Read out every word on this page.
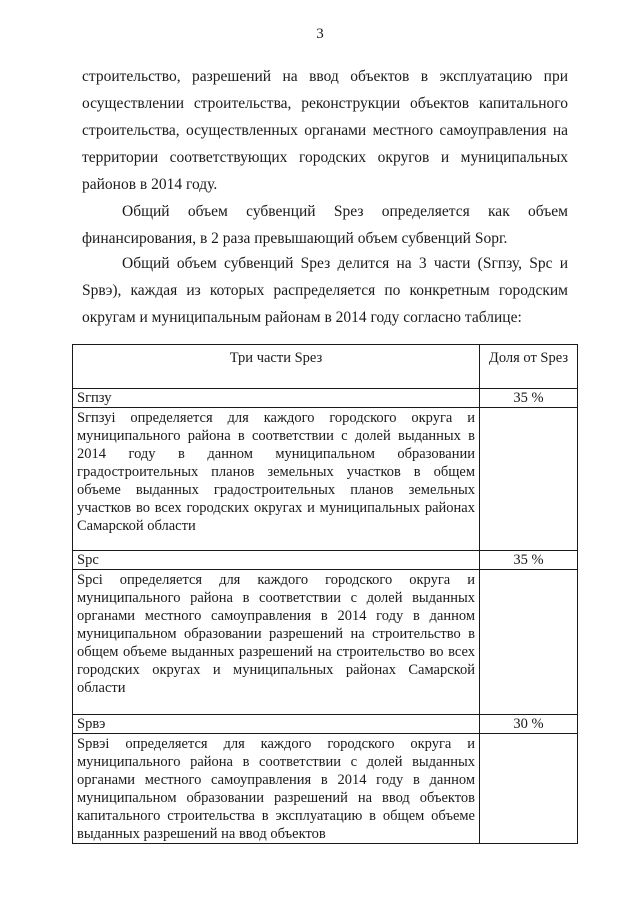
3
строительство, разрешений на ввод объектов в эксплуатацию при осуществлении строительства, реконструкции объектов капитального строительства, осуществленных органами местного самоуправления на территории соответствующих городских округов и муниципальных районов в 2014 году.
Общий объем субвенций Sрез определяется как объем финансирования, в 2 раза превышающий объем субвенций Sорг.
Общий объем субвенций Sрез делится на 3 части (Sгпзу, Sрс и Sрвэ), каждая из которых распределяется по конкретным городским округам и муниципальным районам в 2014 году согласно таблице:
Три части Sрез	Доля от Sрез
Sгпзу	35 %
Sгпзуi определяется для каждого городского округа и муниципального района в соответствии с долей выданных в 2014 году в данном муниципальном образовании градостроительных планов земельных участков в общем объеме выданных градостроительных планов земельных участков во всех городских округах и муниципальных районах Самарской области	
Sрс	35 %
Sрсi определяется для каждого городского округа и муниципального района в соответствии с долей выданных органами местного самоуправления в 2014 году в данном муниципальном образовании разрешений на строительство в общем объеме выданных разрешений на строительство во всех городских округах и муниципальных районах Самарской области	
Sрвэ	30 %
Sрвэi определяется для каждого городского округа и муниципального района в соответствии с долей выданных органами местного самоуправления в 2014 году в данном муниципальном образовании разрешений на ввод объектов капитального строительства в эксплуатацию в общем объеме выданных разрешений на ввод объектов	
